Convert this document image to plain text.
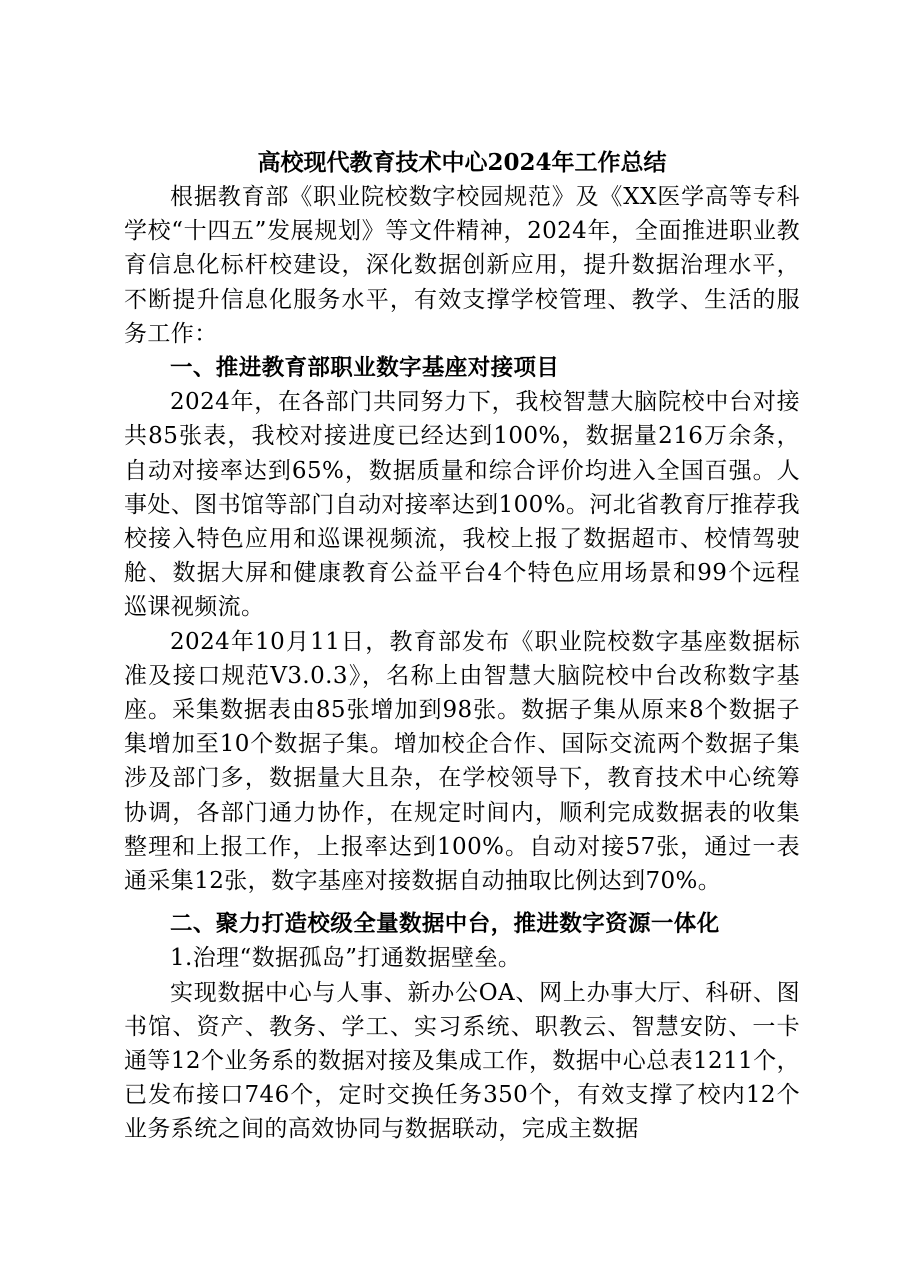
高校现代教育技术中心2024年工作总结

根据教育部《职业院校数字校园规范》及《XX医学高等专科学校“十四五”发展规划》等文件精神，2024年，全面推进职业教育信息化标杆校建设，深化数据创新应用，提升数据治理水平，不断提升信息化服务水平，有效支撑学校管理、教学、生活的服务工作：

一、推进教育部职业数字基座对接项目

2024年，在各部门共同努力下，我校智慧大脑院校中台对接共85张表，我校对接进度已经达到100%，数据量216万余条，自动对接率达到65%，数据质量和综合评价均进入全国百强。人事处、图书馆等部门自动对接率达到100%。河北省教育厅推荐我校接入特色应用和巡课视频流，我校上报了数据超市、校情驾驶舱、数据大屏和健康教育公益平台4个特色应用场景和99个远程巡课视频流。

2024年10月11日，教育部发布《职业院校数字基座数据标准及接口规范V3.0.3》，名称上由智慧大脑院校中台改称数字基座。采集数据表由85张增加到98张。数据子集从原来8个数据子集增加至10个数据子集。增加校企合作、国际交流两个数据子集涉及部门多，数据量大且杂，在学校领导下，教育技术中心统筹协调，各部门通力协作，在规定时间内，顺利完成数据表的收集整理和上报工作，上报率达到100%。自动对接57张，通过一表通采集12张，数字基座对接数据自动抽取比例达到70%。

二、聚力打造校级全量数据中台，推进数字资源一体化

1.治理“数据孤岛”打通数据壁垒。

实现数据中心与人事、新办公OA、网上办事大厅、科研、图书馆、资产、教务、学工、实习系统、职教云、智慧安防、一卡通等12个业务系的数据对接及集成工作，数据中心总表1211个，已发布接口746个，定时交换任务350个，有效支撑了校内12个业务系统之间的高效协同与数据联动，完成主数据
